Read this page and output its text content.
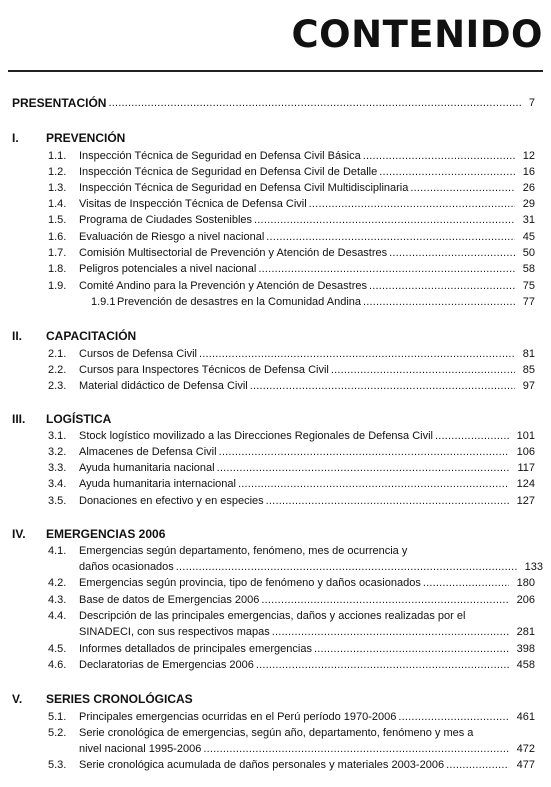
CONTENIDO
PRESENTACIÓN .....	7
I. PREVENCIÓN
1.1. Inspección Técnica de Seguridad en Defensa Civil Básica .....	12
1.2. Inspección Técnica de Seguridad en Defensa Civil de Detalle .....	16
1.3. Inspección Técnica de Seguridad en Defensa Civil Multidisciplinaria .....	26
1.4. Visitas de Inspección Técnica de Defensa Civil .....	29
1.5. Programa de Ciudades Sostenibles .....	31
1.6. Evaluación de Riesgo a nivel nacional .....	45
1.7. Comisión Multisectorial de Prevención y Atención de Desastres .....	50
1.8. Peligros potenciales a nivel nacional .....	58
1.9. Comité Andino para la Prevención y Atención de Desastres .....	75
1.9.1 Prevención de desastres en la Comunidad Andina .....	77
II. CAPACITACIÓN
2.1. Cursos de Defensa Civil .....	81
2.2. Cursos para Inspectores Técnicos de Defensa Civil .....	85
2.3. Material didáctico de Defensa Civil .....	97
III. LOGÍSTICA
3.1. Stock logístico movilizado a las Direcciones Regionales de Defensa Civil .....	101
3.2. Almacenes de Defensa Civil .....	106
3.3. Ayuda humanitaria nacional .....	117
3.4. Ayuda humanitaria internacional .....	124
3.5. Donaciones en efectivo y en especies .....	127
IV. EMERGENCIAS 2006
4.1. Emergencias según departamento, fenómeno, mes de ocurrencia y
daños ocasionados .....	133
4.2. Emergencias según provincia, tipo de fenómeno y daños ocasionados .....	180
4.3. Base de datos de Emergencias 2006 .....	206
4.4. Descripción de las principales emergencias, daños y acciones realizadas por el
SINADECI, con sus respectivos mapas .....	281
4.5. Informes detallados de principales emergencias .....	398
4.6. Declaratorias de Emergencias 2006 .....	458
V. SERIES CRONOLÓGICAS
5.1. Principales emergencias ocurridas en el Perú período 1970-2006 .....	461
5.2. Serie cronológica de emergencias, según año, departamento, fenómeno y mes a
nivel nacional 1995-2006 .....	472
5.3. Serie cronológica acumulada de daños personales y materiales 2003-2006 .....	477
